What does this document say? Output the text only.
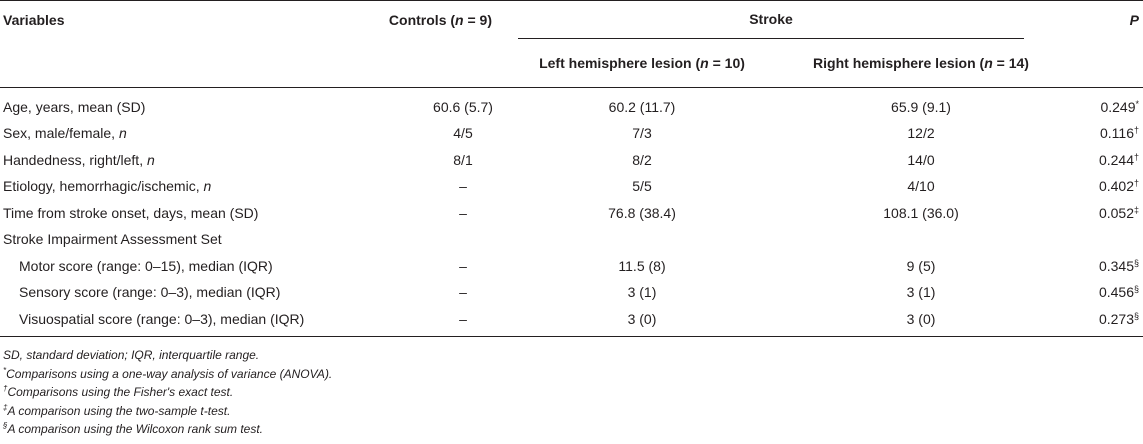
Variables	Controls (n = 9)	Stroke		P
		Left hemisphere lesion (n = 10)	Right hemisphere lesion (n = 14)	
Age, years, mean (SD)	60.6 (5.7)	60.2 (11.7)	65.9 (9.1)	0.249*
Sex, male/female, n	4/5	7/3	12/2	0.116†
Handedness, right/left, n	8/1	8/2	14/0	0.244†
Etiology, hemorrhagic/ischemic, n	–	5/5	4/10	0.402†
Time from stroke onset, days, mean (SD)	–	76.8 (38.4)	108.1 (36.0)	0.052‡
Stroke Impairment Assessment Set				
Motor score (range: 0–15), median (IQR)	–	11.5 (8)	9 (5)	0.345§
Sensory score (range: 0–3), median (IQR)	–	3 (1)	3 (1)	0.456§
Visuospatial score (range: 0–3), median (IQR)	–	3 (0)	3 (0)	0.273§
SD, standard deviation; IQR, interquartile range.
*Comparisons using a one-way analysis of variance (ANOVA).
†Comparisons using the Fisher's exact test.
‡A comparison using the two-sample t-test.
§A comparison using the Wilcoxon rank sum test.
